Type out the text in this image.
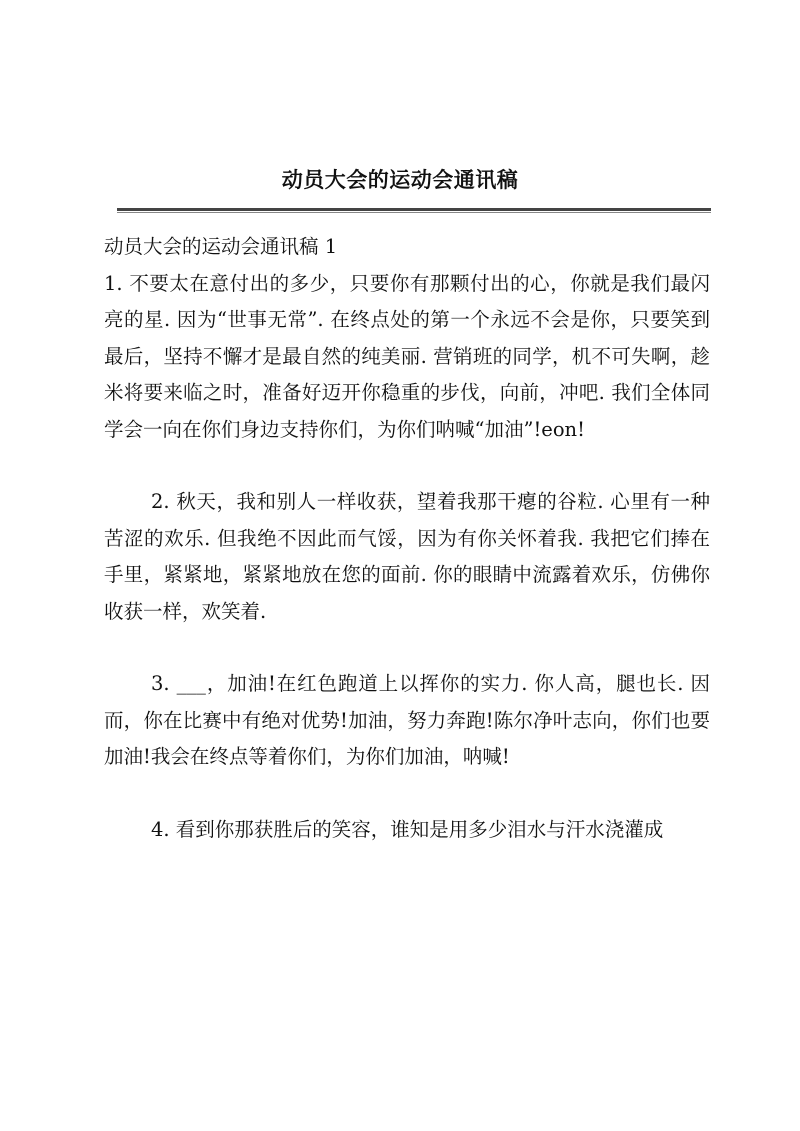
动员大会的运动会通讯稿

动员大会的运动会通讯稿 1

1. 不要太在意付出的多少，只要你有那颗付出的心，你就是我们最闪亮的星. 因为“世事无常”. 在终点处的第一个永远不会是你，只要笑到最后，坚持不懈才是最自然的纯美丽. 营销班的同学，机不可失啊，趁米将要来临之时，准备好迈开你稳重的步伐，向前，冲吧. 我们全体同学会一向在你们身边支持你们，为你们呐喊“加油”!eon!

2. 秋天，我和别人一样收获，望着我那干瘪的谷粒. 心里有一种苦涩的欢乐. 但我绝不因此而气馁，因为有你关怀着我. 我把它们捧在手里，紧紧地，紧紧地放在您的面前. 你的眼睛中流露着欢乐，仿佛你收获一样，欢笑着.

3. ___，加油!在红色跑道上以挥你的实力. 你人高，腿也长. 因而，你在比赛中有绝对优势!加油，努力奔跑!陈尔净叶志向，你们也要加油!我会在终点等着你们，为你们加油，呐喊!

4. 看到你那获胜后的笑容，谁知是用多少泪水与汗水浇灌成
